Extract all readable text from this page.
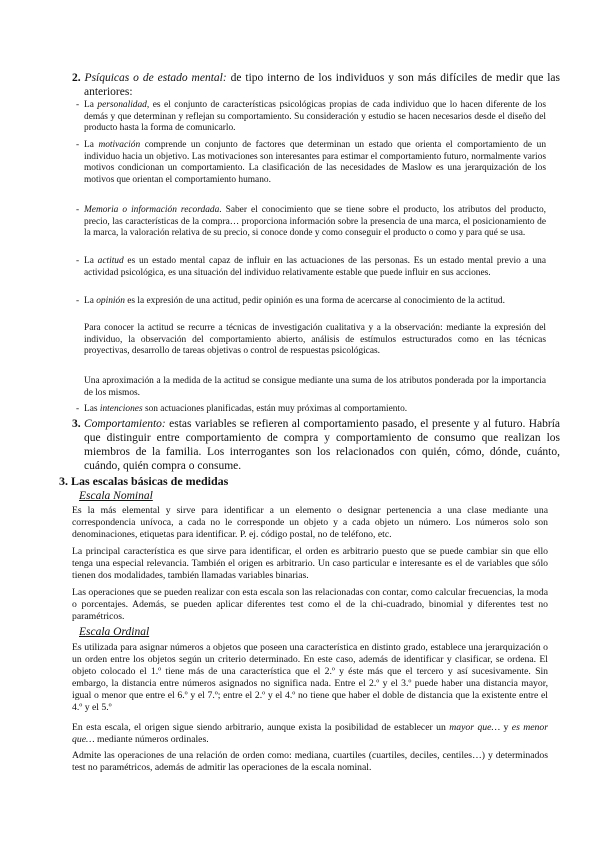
2. Psíquicas o de estado mental: de tipo interno de los individuos y son más difíciles de medir que las anteriores:
- La personalidad, es el conjunto de características psicológicas propias de cada individuo que lo hacen diferente de los demás y que determinan y reflejan su comportamiento. Su consideración y estudio se hacen necesarios desde el diseño del producto hasta la forma de comunicarlo.
- La motivación comprende un conjunto de factores que determinan un estado que orienta el comportamiento de un individuo hacia un objetivo. Las motivaciones son interesantes para estimar el comportamiento futuro, normalmente varios motivos condicionan un comportamiento. La clasificación de las necesidades de Maslow es una jerarquización de los motivos que orientan el comportamiento humano.
- Memoria o información recordada. Saber el conocimiento que se tiene sobre el producto, los atributos del producto, precio, las características de la compra… proporciona información sobre la presencia de una marca, el posicionamiento de la marca, la valoración relativa de su precio, si conoce donde y como conseguir el producto o como y para qué se usa.
- La actitud es un estado mental capaz de influir en las actuaciones de las personas. Es un estado mental previo a una actividad psicológica, es una situación del individuo relativamente estable que puede influir en sus acciones.
- La opinión es la expresión de una actitud, pedir opinión es una forma de acercarse al conocimiento de la actitud.
Para conocer la actitud se recurre a técnicas de investigación cualitativa y a la observación: mediante la expresión del individuo, la observación del comportamiento abierto, análisis de estímulos estructurados como en las técnicas proyectivas, desarrollo de tareas objetivas o control de respuestas psicológicas.
Una aproximación a la medida de la actitud se consigue mediante una suma de los atributos ponderada por la importancia de los mismos.
- Las intenciones son actuaciones planificadas, están muy próximas al comportamiento.
3. Comportamiento: estas variables se refieren al comportamiento pasado, el presente y al futuro. Habría que distinguir entre comportamiento de compra y comportamiento de consumo que realizan los miembros de la familia. Los interrogantes son los relacionados con quién, cómo, dónde, cuánto, cuándo, quién compra o consume.
3. Las escalas básicas de medidas
Escala Nominal
Es la más elemental y sirve para identificar a un elemento o designar pertenencia a una clase mediante una correspondencia unívoca, a cada no le corresponde un objeto y a cada objeto un número. Los números solo son denominaciones, etiquetas para identificar. P. ej. código postal, no de teléfono, etc.
La principal característica es que sirve para identificar, el orden es arbitrario puesto que se puede cambiar sin que ello tenga una especial relevancia. También el origen es arbitrario. Un caso particular e interesante es el de variables que sólo tienen dos modalidades, también llamadas variables binarias.
Las operaciones que se pueden realizar con esta escala son las relacionadas con contar, como calcular frecuencias, la moda o porcentajes. Además, se pueden aplicar diferentes test como el de la chi-cuadrado, binomial y diferentes test no paramétricos.
Escala Ordinal
Es utilizada para asignar números a objetos que poseen una característica en distinto grado, establece una jerarquización o un orden entre los objetos según un criterio determinado. En este caso, además de identificar y clasificar, se ordena. El objeto colocado el 1.º tiene más de una característica que el 2.º y éste más que el tercero y así sucesivamente. Sin embargo, la distancia entre números asignados no significa nada. Entre el 2.º y el 3.º puede haber una distancia mayor, igual o menor que entre el 6.º y el 7.º; entre el 2.º y el 4.º no tiene que haber el doble de distancia que la existente entre el 4.º y el 5.º
En esta escala, el origen sigue siendo arbitrario, aunque exista la posibilidad de establecer un mayor que… y es menor que… mediante números ordinales.
Admite las operaciones de una relación de orden como: mediana, cuartiles (cuartiles, deciles, centiles…) y determinados test no paramétricos, además de admitir las operaciones de la escala nominal.
